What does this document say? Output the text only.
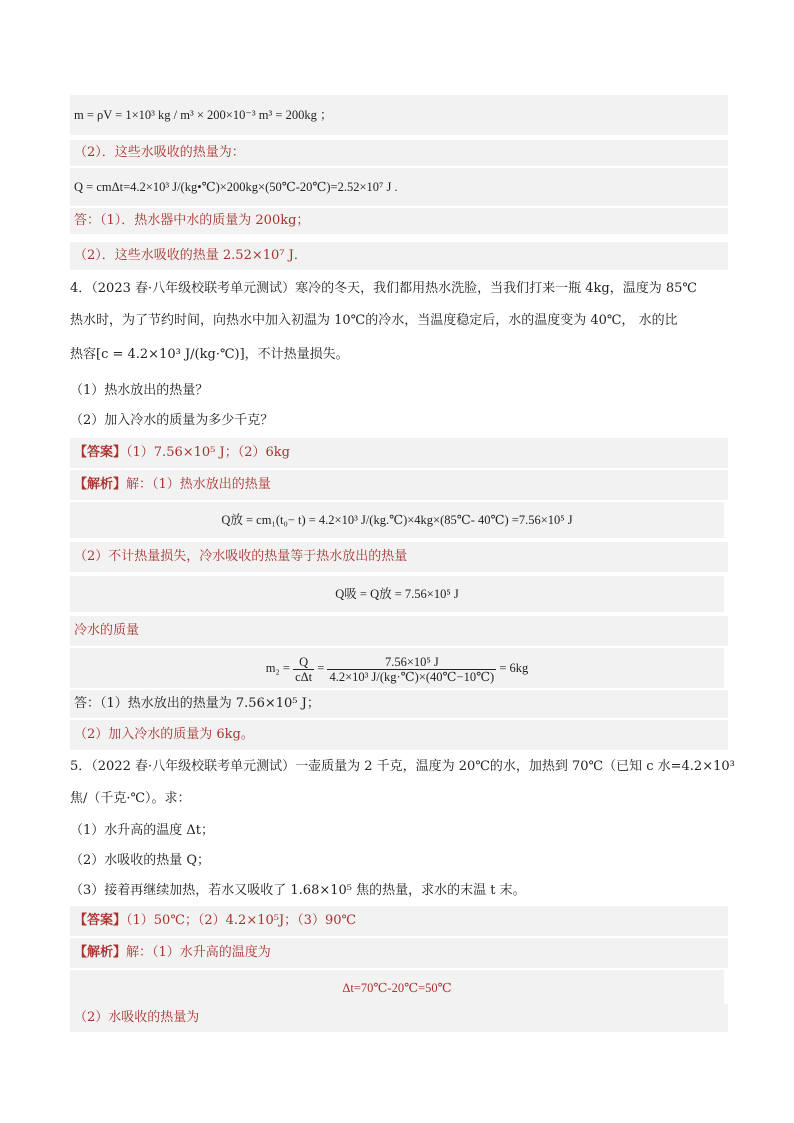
m = ρV = 1×10³ kg / m³ × 200×10⁻³ m³ = 200kg ；
（2）．这些水吸收的热量为：
Q = cmΔt=4.2×10³ J/(kg•℃)×200kg×(50℃-20℃)=2.52×10⁷ J .
答：（1）．热水器中水的质量为 200kg；
（2）．这些水吸收的热量 2.52×10⁷ J．
4．（2023 春·八年级校联考单元测试）寒冷的冬天，我们都用热水洗脸，当我们打来一瓶 4kg，温度为 85℃
热水时，为了节约时间，向热水中加入初温为 10℃的冷水，当温度稳定后，水的温度变为 40℃， 水的比
热容[c = 4.2×10³ J/(kg·℃)]，不计热量损失。
（1）热水放出的热量？
（2）加入冷水的质量为多少千克？
【答案】（1）7.56×10⁵ J；（2）6kg
【解析】解：（1）热水放出的热量
Q放 = cm₁(t₀− t) = 4.2×10³ J/(kg.℃)×4kg×(85℃- 40℃) =7.56×10⁵ J
（2）不计热量损失，冷水吸收的热量等于热水放出的热量
Q吸 = Q放 = 7.56×10⁵ J
冷水的质量
$m_2 = \frac{Q}{\text{cΔt}} = \frac{\text{7.56×10⁵ J}}{\text{4.2×10³ J/(kg·℃)×(40℃−10℃)}} = 6kg$
答：（1）热水放出的热量为 7.56×10⁵ J；
（2）加入冷水的质量为 6kg。
5．（2022 春·八年级校联考单元测试）一壶质量为 2 千克，温度为 20℃的水，加热到 70℃（已知 c 水=4.2×10³
焦/（千克·℃）。求：
（1）水升高的温度 Δt；
（2）水吸收的热量 Q；
（3）接着再继续加热，若水又吸收了 1.68×10⁵ 焦的热量，求水的末温 t 末。
【答案】（1）50℃；（2）4.2×10⁵J；（3）90℃
【解析】解：（1）水升高的温度为
Δt=70℃-20℃=50℃
（2）水吸收的热量为
